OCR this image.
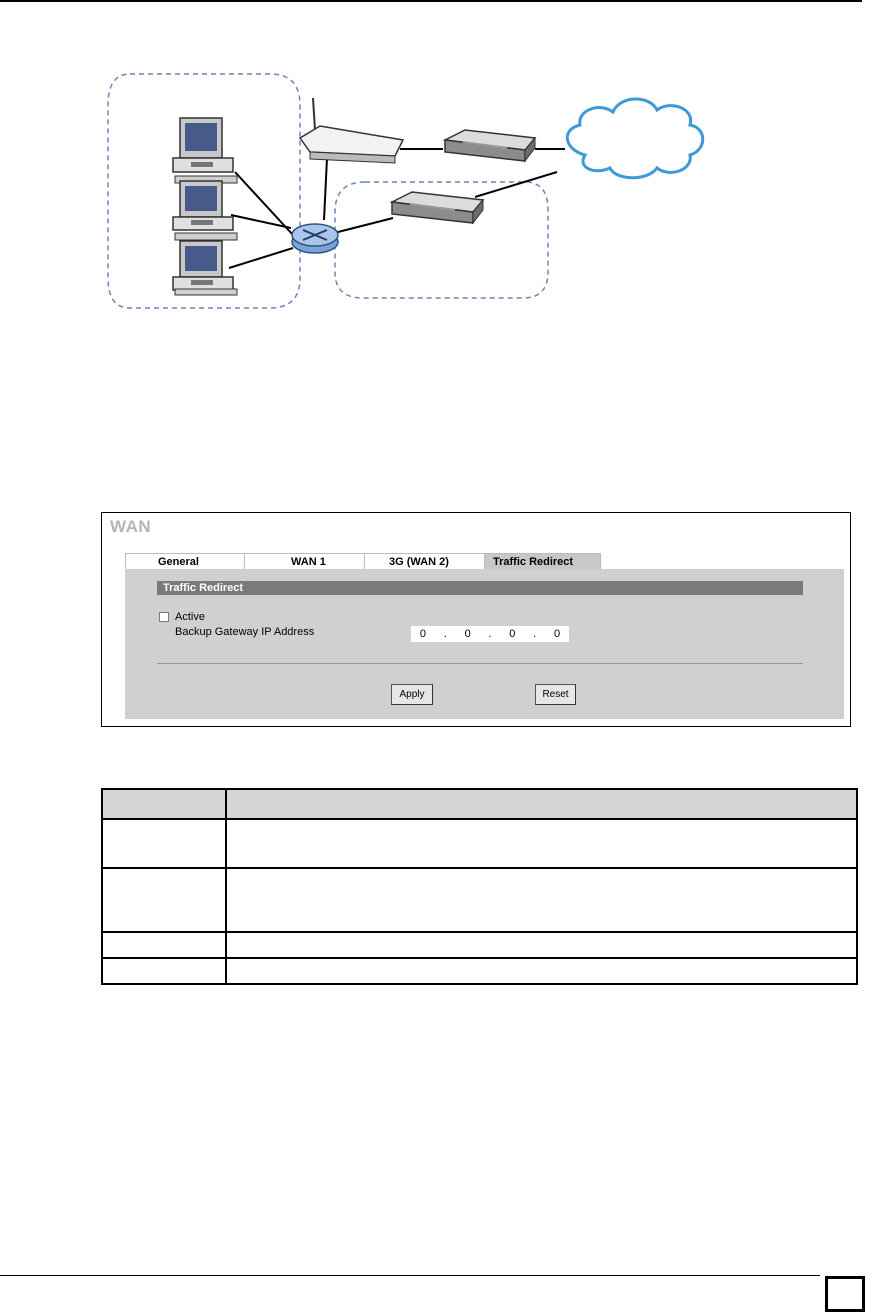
WAN
General	WAN 1	3G (WAN 2)	Traffic Redirect
Traffic Redirect
Active
Backup Gateway IP Address	0 . 0 . 0 . 0
Apply	Reset
